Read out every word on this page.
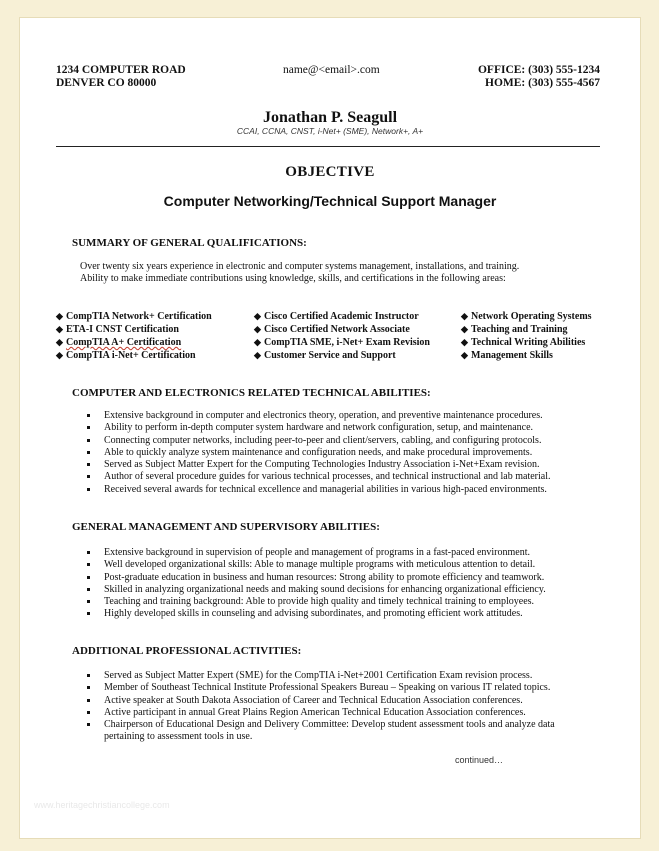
1234 COMPUTER ROAD
DENVER CO 80000
name@<email>.com	OFFICE: (303) 555-1234
HOME: (303) 555-4567
Jonathan P. Seagull
CCAI, CCNA, CNST, i-Net+ (SME), Network+, A+
OBJECTIVE
Computer Networking/Technical Support Manager
SUMMARY OF GENERAL QUALIFICATIONS:
Over twenty six years experience in electronic and computer systems management, installations, and training.
Ability to make immediate contributions using knowledge, skills, and certifications in the following areas:
◆ CompTIA Network+ Certification
◆ ETA-I CNST Certification
◆ CompTIA A+ Certification
◆ CompTIA i-Net+ Certification
◆ Cisco Certified Academic Instructor
◆ Cisco Certified Network Associate
◆ CompTIA SME, i-Net+ Exam Revision
◆ Customer Service and Support
◆ Network Operating Systems
◆ Teaching and Training
◆ Technical Writing Abilities
◆ Management Skills
COMPUTER AND ELECTRONICS RELATED TECHNICAL ABILITIES:
Extensive background in computer and electronics theory, operation, and preventive maintenance procedures.
Ability to perform in-depth computer system hardware and network configuration, setup, and maintenance.
Connecting computer networks, including peer-to-peer and client/servers, cabling, and configuring protocols.
Able to quickly analyze system maintenance and configuration needs, and make procedural improvements.
Served as Subject Matter Expert for the Computing Technologies Industry Association i-Net+Exam revision.
Author of several procedure guides for various technical processes, and technical instructional and lab material.
Received several awards for technical excellence and managerial abilities in various high-paced environments.
GENERAL MANAGEMENT AND SUPERVISORY ABILITIES:
Extensive background in supervision of people and management of programs in a fast-paced environment.
Well developed organizational skills: Able to manage multiple programs with meticulous attention to detail.
Post-graduate education in business and human resources: Strong ability to promote efficiency and teamwork.
Skilled in analyzing organizational needs and making sound decisions for enhancing organizational efficiency.
Teaching and training background: Able to provide high quality and timely technical training to employees.
Highly developed skills in counseling and advising subordinates, and promoting efficient work attitudes.
ADDITIONAL PROFESSIONAL ACTIVITIES:
Served as Subject Matter Expert (SME) for the CompTIA i-Net+2001 Certification Exam revision process.
Member of Southeast Technical Institute Professional Speakers Bureau – Speaking on various IT related topics.
Active speaker at South Dakota Association of Career and Technical Education Association conferences.
Active participant in annual Great Plains Region American Technical Education Association conferences.
Chairperson of Educational Design and Delivery Committee: Develop student assessment tools and analyze data
pertaining to assessment tools in use.
continued…
www.heritagechristiancollege.com
